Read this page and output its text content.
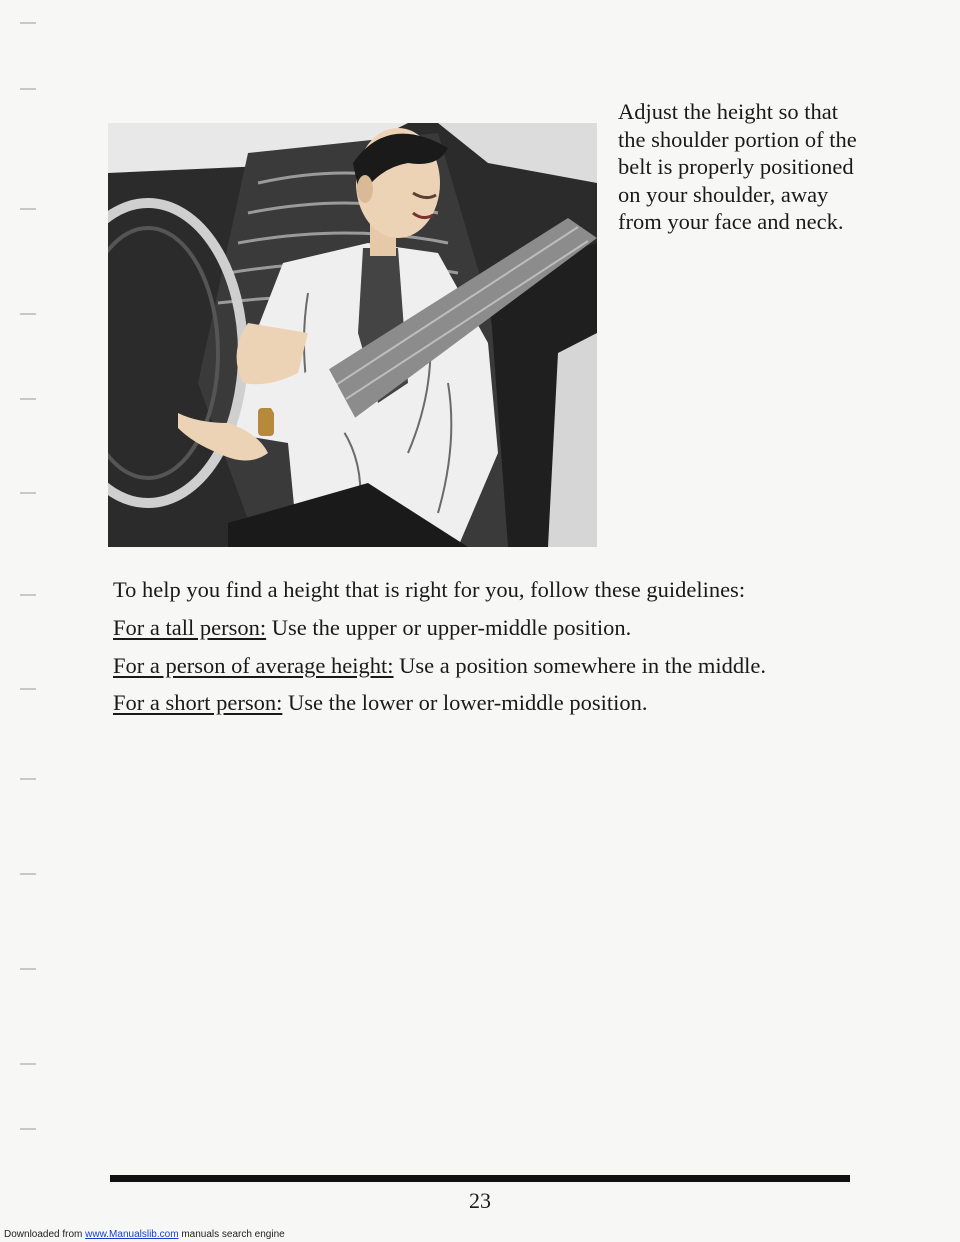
Downloaded from www.Manualslib.com manuals search engine

Adjust the height so that the shoulder portion of the belt is properly positioned on your shoulder, away from your face and neck.

To help you find a height that is right for you, follow these guidelines:

For a tall person: Use the upper or upper-middle position.

For a person of average height: Use a position somewhere in the middle.

For a short person: Use the lower or lower-middle position.

23
